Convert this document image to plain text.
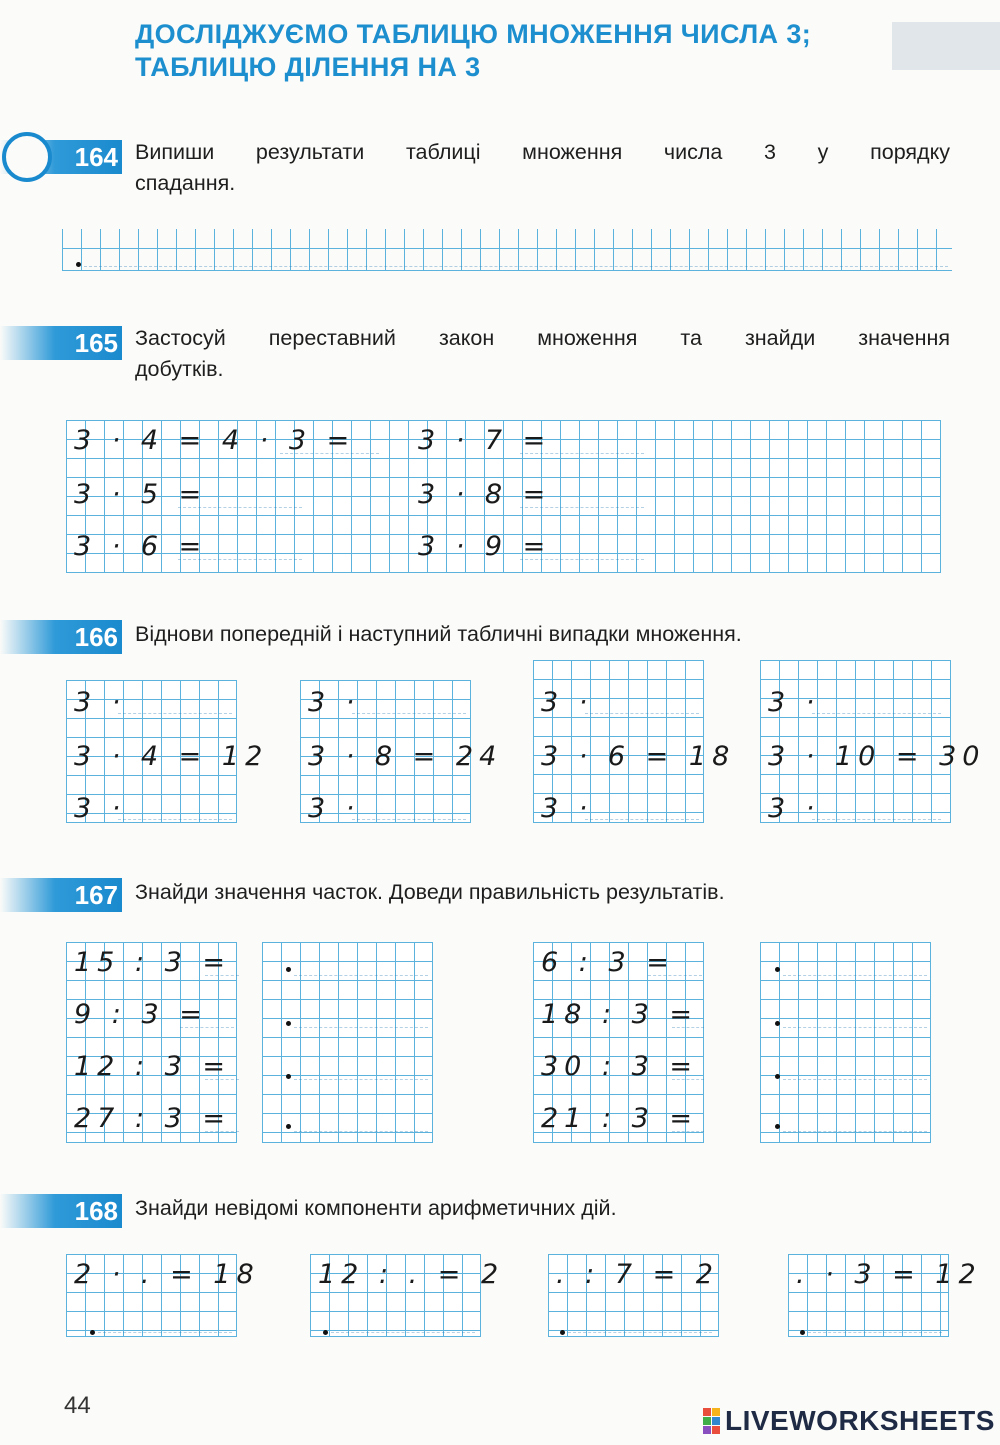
ДОСЛІДЖУЄМО ТАБЛИЦЮ МНОЖЕННЯ ЧИСЛА 3;
ТАБЛИЦЮ ДІЛЕННЯ НА 3
164 Випиши результати таблиці множення числа 3 у порядку
спадання.
165 Застосуй переставний закон множення та знайди значення
добутків.
3 · 4 = 4 · 3 =
3 · 5 =
3 · 6 =
3 · 7 =
3 · 8 =
3 · 9 =
166 Віднови попередній і наступний табличні випадки множення.
3 ·
3 · 4 = 12
3 ·
3 ·
3 · 8 = 24
3 ·
3 ·
3 · 6 = 18
3 ·
3 ·
3 · 10 = 30
3 ·
167 Знайди значення часток. Доведи правильність результатів.
15 : 3 =
9 : 3 =
12 : 3 =
27 : 3 =
6 : 3 =
18 : 3 =
30 : 3 =
21 : 3 =
168 Знайди невідомі компоненти арифметичних дій.
2 · . = 18 12 : . = 2 . : 7 = 2	. · 3 = 12
44	LIVEWORKSHEETS
